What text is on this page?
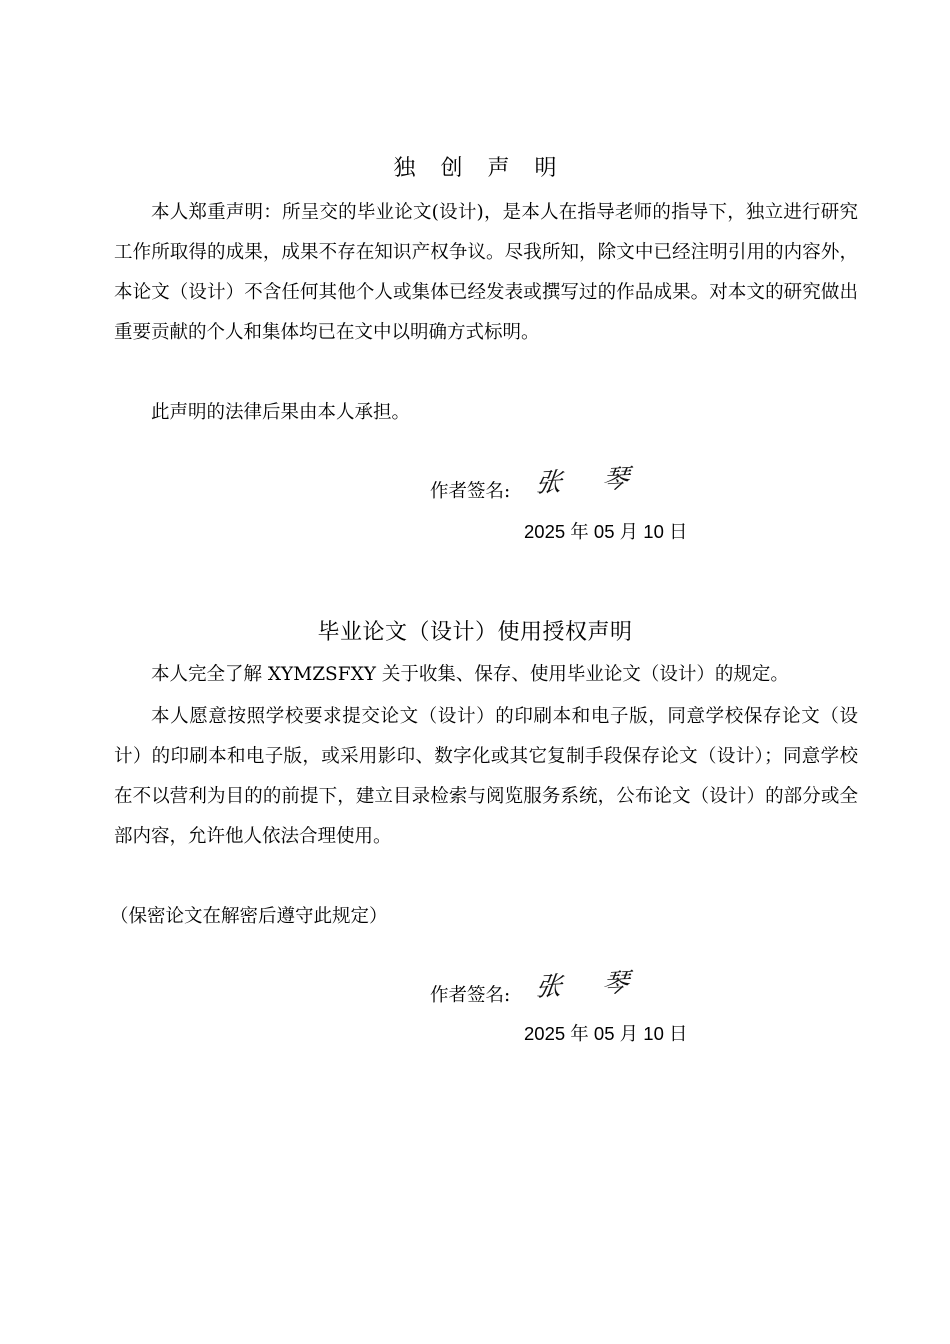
独 创 声 明

本人郑重声明：所呈交的毕业论文(设计)，是本人在指导老师的指导下，独立进行研究工作所取得的成果，成果不存在知识产权争议。尽我所知，除文中已经注明引用的内容外，本论文（设计）不含任何其他个人或集体已经发表或撰写过的作品成果。对本文的研究做出重要贡献的个人和集体均已在文中以明确方式标明。

此声明的法律后果由本人承担。

作者签名: 张 琴
2025 年 05 月 10 日
毕业论文（设计）使用授权声明

本人完全了解 XYMZSFXY 关于收集、保存、使用毕业论文（设计）的规定。

本人愿意按照学校要求提交论文（设计）的印刷本和电子版，同意学校保存论文（设计）的印刷本和电子版，或采用影印、数字化或其它复制手段保存论文（设计）；同意学校在不以营利为目的的前提下，建立目录检索与阅览服务系统，公布论文（设计）的部分或全部内容，允许他人依法合理使用。

（保密论文在解密后遵守此规定）

作者签名: 张 琴
2025 年 05 月 10 日
